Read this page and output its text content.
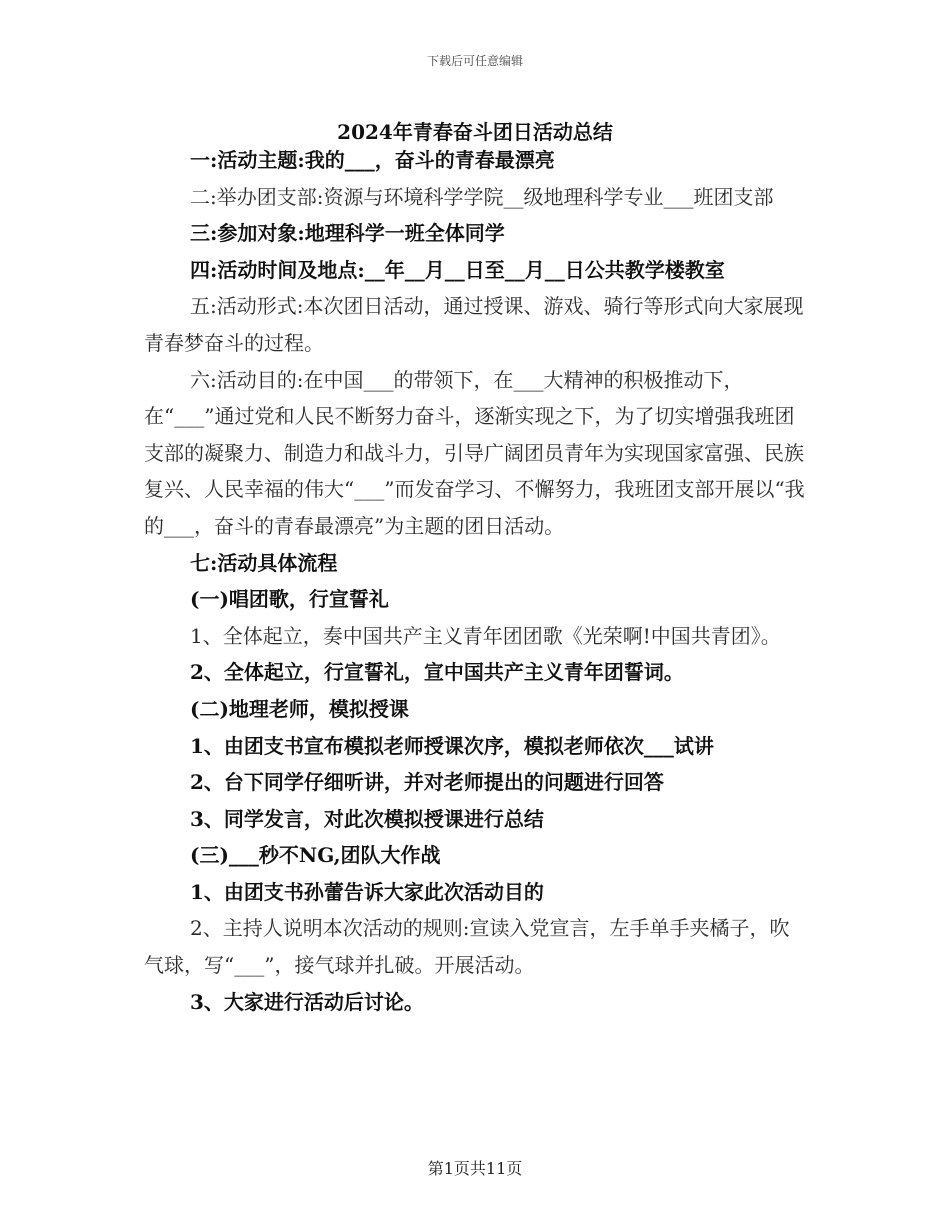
下载后可任意编辑
2024年青春奋斗团日活动总结

一:活动主题:我的___，奋斗的青春最漂亮

二:举办团支部:资源与环境科学学院__级地理科学专业___班团支部

三:参加对象:地理科学一班全体同学

四:活动时间及地点:__年__月__日至__月__日公共教学楼教室

五:活动形式:本次团日活动，通过授课、游戏、骑行等形式向大家展现青春梦奋斗的过程。

六:活动目的:在中国___的带领下，在___大精神的积极推动下，在“___”通过党和人民不断努力奋斗，逐渐实现之下，为了切实增强我班团支部的凝聚力、制造力和战斗力，引导广阔团员青年为实现国家富强、民族复兴、人民幸福的伟大“___”而发奋学习、不懈努力，我班团支部开展以“我的___，奋斗的青春最漂亮”为主题的团日活动。

七:活动具体流程

(一)唱团歌，行宣誓礼

1、全体起立，奏中国共产主义青年团团歌《光荣啊!中国共青团》。

2、全体起立，行宣誓礼，宣中国共产主义青年团誓词。

(二)地理老师，模拟授课

1、由团支书宣布模拟老师授课次序，模拟老师依次___试讲

2、台下同学仔细听讲，并对老师提出的问题进行回答

3、同学发言，对此次模拟授课进行总结

(三)___秒不NG,团队大作战

1、由团支书孙蕾告诉大家此次活动目的

2、主持人说明本次活动的规则:宣读入党宣言，左手单手夹橘子，吹气球，写“___”，接气球并扎破。开展活动。

3、大家进行活动后讨论。

第1页共11页
